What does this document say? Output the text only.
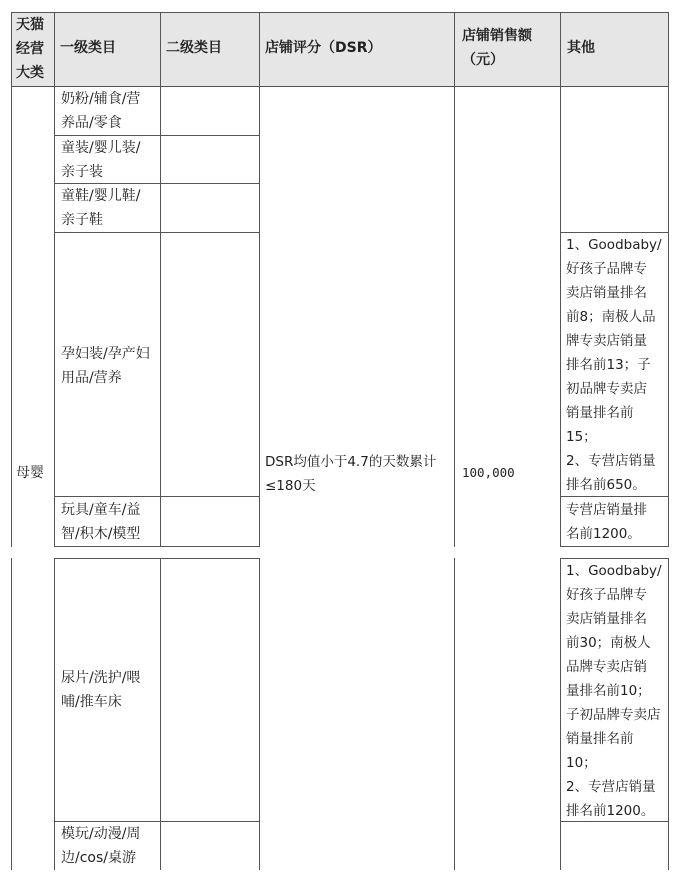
天猫
经营
大类

一级类目	二级类目	店铺评分（DSR）

店铺销售额
（元）

其他

母婴

奶粉/辅食/营
养品/零食

童装/婴儿装/
亲子装

童鞋/婴儿鞋/
亲子鞋

孕妇装/孕产妇
用品/营养

玩具/童车/益
智/积木/模型

尿片/洗护/喂
哺/推车床

模玩/动漫/周
边/cos/桌游

DSR均值小于4.7的天数累计
≤180天

100,000

1、Goodbaby/
好孩子品牌专
卖店销量排名
前8；南极人品
牌专卖店销量
排名前13；子
初品牌专卖店
销量排名前
15；
2、专营店销量
排名前650。

专营店销量排
名前1200。

1、Goodbaby/
好孩子品牌专
卖店销量排名
前30；南极人
品牌专卖店销
量排名前10；
子初品牌专卖店
销量排名前
10；
2、专营店销量
排名前1200。
